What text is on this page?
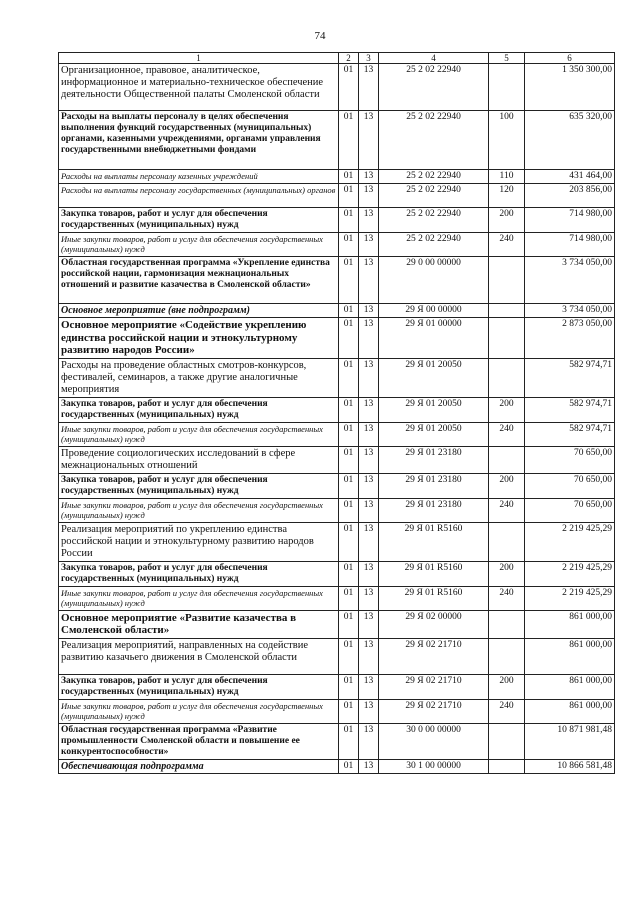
74
1	2	3	4	5	6
Организационное, правовое, аналитическое, информационное и материально-техническое обеспечение деятельности Общественной палаты Смоленской области	01	13	25 2 02 22940		1 350 300,00
Расходы на выплаты персоналу в целях обеспечения выполнения функций государственных (муниципальных) органами, казенными учреждениями, органами управления государственными внебюджетными фондами	01	13	25 2 02 22940	100	635 320,00
Расходы на выплаты персоналу казенных учреждений	01	13	25 2 02 22940	110	431 464,00
Расходы на выплаты персоналу государственных (муниципальных) органов	01	13	25 2 02 22940	120	203 856,00
Закупка товаров, работ и услуг для обеспечения государственных (муниципальных) нужд	01	13	25 2 02 22940	200	714 980,00
Иные закупки товаров, работ и услуг для обеспечения государственных (муниципальных) нужд	01	13	25 2 02 22940	240	714 980,00
Областная государственная программа «Укрепление единства российской нации, гармонизация межнациональных отношений и развитие казачества в Смоленской области»	01	13	29 0 00 00000		3 734 050,00
Основное мероприятие (вне подпрограмм)	01	13	29 Я 00 00000		3 734 050,00
Основное мероприятие «Содействие укреплению единства российской нации и этнокультурному развитию народов России»	01	13	29 Я 01 00000		2 873 050,00
Расходы на проведение областных смотров-конкурсов, фестивалей, семинаров, а также другие аналогичные мероприятия	01	13	29 Я 01 20050		582 974,71
Закупка товаров, работ и услуг для обеспечения государственных (муниципальных) нужд	01	13	29 Я 01 20050	200	582 974,71
Иные закупки товаров, работ и услуг для обеспечения государственных (муниципальных) нужд	01	13	29 Я 01 20050	240	582 974,71
Проведение социологических исследований в сфере межнациональных отношений	01	13	29 Я 01 23180		70 650,00
Закупка товаров, работ и услуг для обеспечения государственных (муниципальных) нужд	01	13	29 Я 01 23180	200	70 650,00
Иные закупки товаров, работ и услуг для обеспечения государственных (муниципальных) нужд	01	13	29 Я 01 23180	240	70 650,00
Реализация мероприятий по укреплению единства российской нации и этнокультурному развитию народов России	01	13	29 Я 01 R5160		2 219 425,29
Закупка товаров, работ и услуг для обеспечения государственных (муниципальных) нужд	01	13	29 Я 01 R5160	200	2 219 425,29
Иные закупки товаров, работ и услуг для обеспечения государственных (муниципальных) нужд	01	13	29 Я 01 R5160	240	2 219 425,29
Основное мероприятие «Развитие казачества в Смоленской области»	01	13	29 Я 02 00000		861 000,00
Реализация мероприятий, направленных на содействие развитию казачьего движения в Смоленской области	01	13	29 Я 02 21710		861 000,00
Закупка товаров, работ и услуг для обеспечения государственных (муниципальных) нужд	01	13	29 Я 02 21710	200	861 000,00
Иные закупки товаров, работ и услуг для обеспечения государственных (муниципальных) нужд	01	13	29 Я 02 21710	240	861 000,00
Областная государственная программа «Развитие промышленности Смоленской области и повышение ее конкурентоспособности»	01	13	30 0 00 00000		10 871 981,48
Обеспечивающая подпрограмма	01	13	30 1 00 00000		10 866 581,48
